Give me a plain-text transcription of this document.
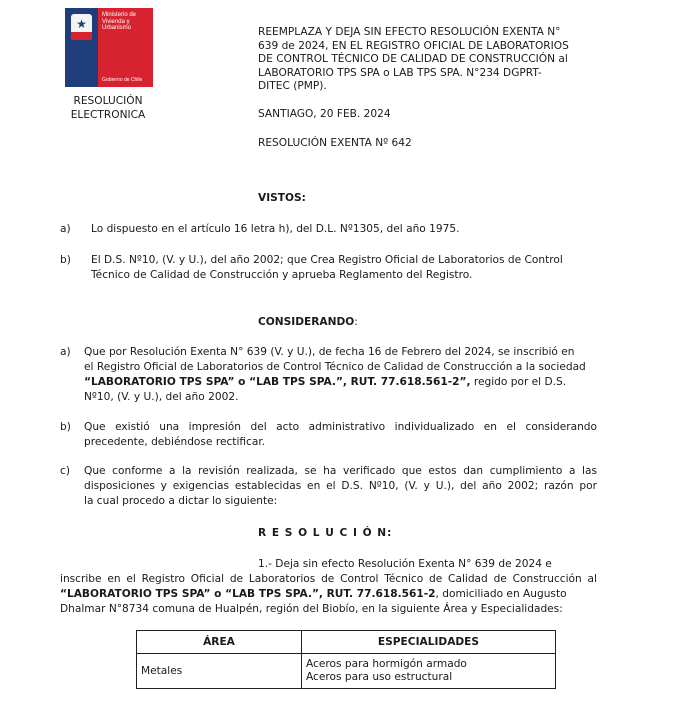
★
Ministerio de
Vivienda y
Urbanismo
Gobierno de Chile
RESOLUCIÓN
ELECTRONICA
REEMPLAZA Y DEJA SIN EFECTO RESOLUCIÓN EXENTA N°
639 de 2024, EN EL REGISTRO OFICIAL DE LABORATORIOS
DE CONTROL TÉCNICO DE CALIDAD DE CONSTRUCCIÓN al
LABORATORIO TPS SPA o LAB TPS SPA. N°234 DGPRT-
DITEC (PMP).
SANTIAGO, 20 FEB. 2024
RESOLUCIÓN EXENTA Nº 642
VISTOS:
a) Lo dispuesto en el artículo 16 letra h), del D.L. Nº1305, del año 1975.
b) El D.S. Nº10, (V. y U.), del año 2002; que Crea Registro Oficial de Laboratorios de Control
Técnico de Calidad de Construcción y aprueba Reglamento del Registro.
CONSIDERANDO:
a) Que por Resolución Exenta N° 639 (V. y U.), de fecha 16 de Febrero del 2024, se inscribió en
el Registro Oficial de Laboratorios de Control Técnico de Calidad de Construcción a la sociedad
“LABORATORIO TPS SPA” o “LAB TPS SPA.”, RUT. 77.618.561-2”, regido por el D.S.
Nº10, (V. y U.), del año 2002.
b) Que existió una impresión del acto administrativo individualizado en el considerando
precedente, debiéndose rectificar.
c) Que conforme a la revisión realizada, se ha verificado que estos dan cumplimiento a las
disposiciones y exigencias establecidas en el D.S. Nº10, (V. y U.), del año 2002; razón por
la cual procedo a dictar lo siguiente:
R E S O L U C I Ó N:
1.- Deja sin efecto Resolución Exenta N° 639 de 2024 e
inscribe en el Registro Oficial de Laboratorios de Control Técnico de Calidad de Construcción al
“LABORATORIO TPS SPA” o “LAB TPS SPA.”, RUT. 77.618.561-2, domiciliado en Augusto
Dhalmar N°8734 comuna de Hualpén, región del Biobío, en la siguiente Área y Especialidades:
ÁREA	ESPECIALIDADES
Metales	Aceros para hormigón armado
Aceros para uso estructural
